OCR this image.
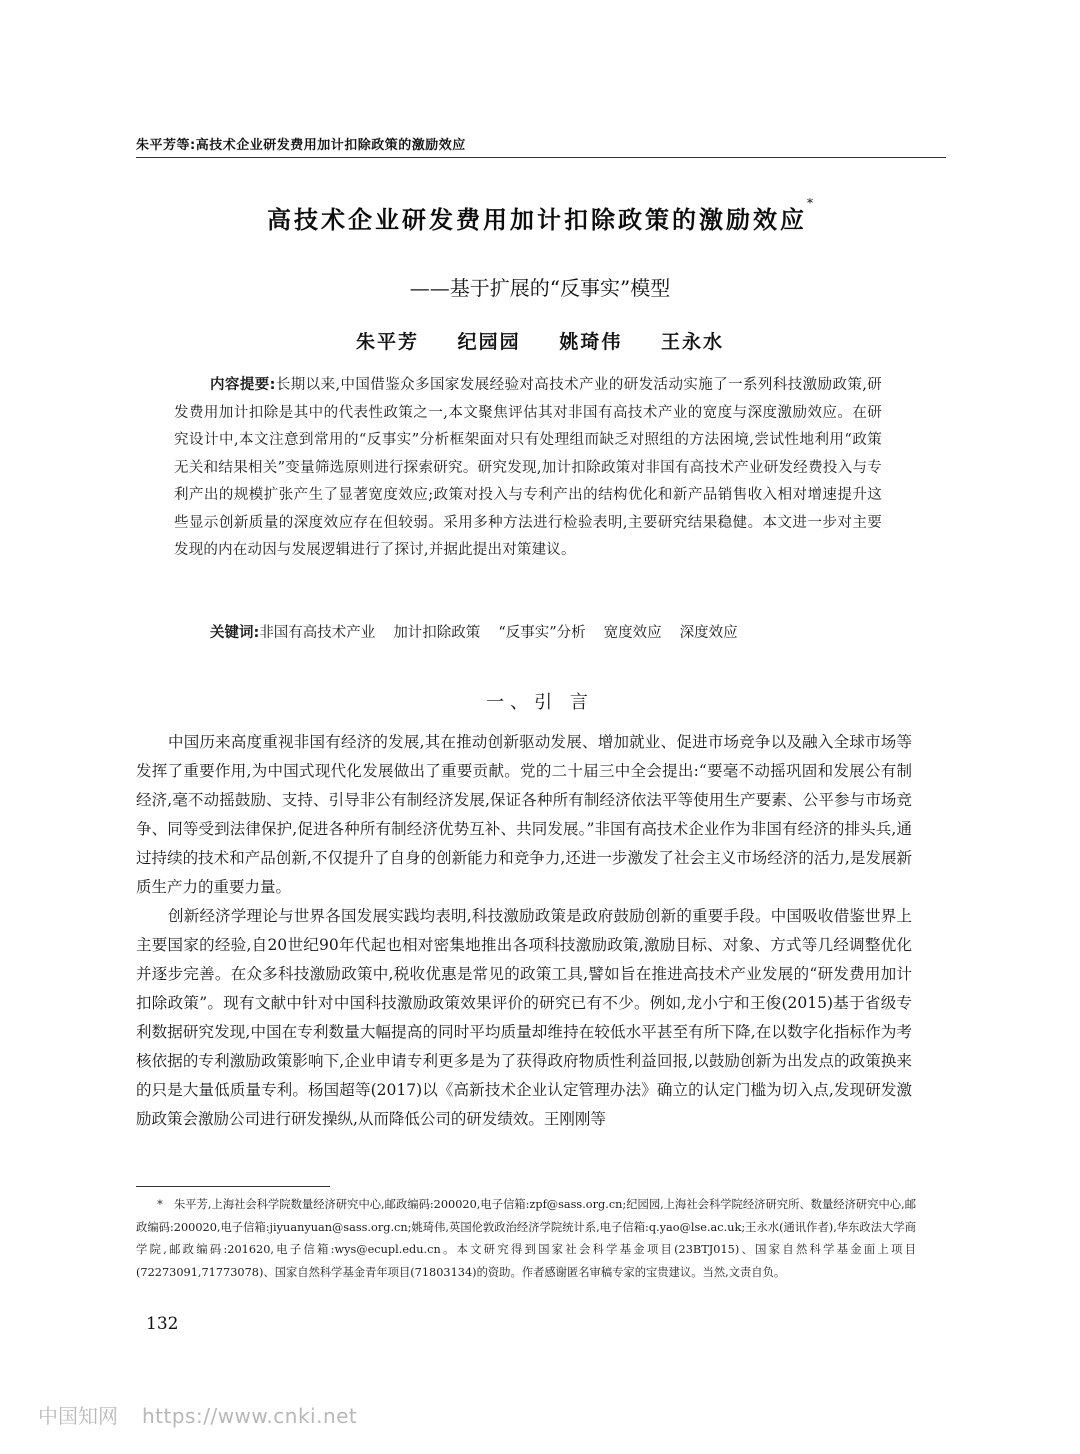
朱平芳等:高技术企业研发费用加计扣除政策的激励效应
高技术企业研发费用加计扣除政策的激励效应*
——基于扩展的“反事实”模型
朱平芳 纪园园 姚琦伟 王永水
内容提要:长期以来,中国借鉴众多国家发展经验对高技术产业的研发活动实施了一系列科技激励政策,研发费用加计扣除是其中的代表性政策之一,本文聚焦评估其对非国有高技术产业的宽度与深度激励效应。在研究设计中,本文注意到常用的“反事实”分析框架面对只有处理组而缺乏对照组的方法困境,尝试性地利用“政策无关和结果相关”变量筛选原则进行探索研究。研究发现,加计扣除政策对非国有高技术产业研发经费投入与专利产出的规模扩张产生了显著宽度效应;政策对投入与专利产出的结构优化和新产品销售收入相对增速提升这些显示创新质量的深度效应存在但较弱。采用多种方法进行检验表明,主要研究结果稳健。本文进一步对主要发现的内在动因与发展逻辑进行了探讨,并据此提出对策建议。
关键词:非国有高技术产业 加计扣除政策 “反事实”分析 宽度效应 深度效应
一、引 言

中国历来高度重视非国有经济的发展,其在推动创新驱动发展、增加就业、促进市场竞争以及融入全球市场等发挥了重要作用,为中国式现代化发展做出了重要贡献。党的二十届三中全会提出:“要毫不动摇巩固和发展公有制经济,毫不动摇鼓励、支持、引导非公有制经济发展,保证各种所有制经济依法平等使用生产要素、公平参与市场竞争、同等受到法律保护,促进各种所有制经济优势互补、共同发展。”非国有高技术企业作为非国有经济的排头兵,通过持续的技术和产品创新,不仅提升了自身的创新能力和竞争力,还进一步激发了社会主义市场经济的活力,是发展新质生产力的重要力量。

创新经济学理论与世界各国发展实践均表明,科技激励政策是政府鼓励创新的重要手段。中国吸收借鉴世界上主要国家的经验,自20世纪90年代起也相对密集地推出各项科技激励政策,激励目标、对象、方式等几经调整优化并逐步完善。在众多科技激励政策中,税收优惠是常见的政策工具,譬如旨在推进高技术产业发展的“研发费用加计扣除政策”。现有文献中针对中国科技激励政策效果评价的研究已有不少。例如,龙小宁和王俊(2015)基于省级专利数据研究发现,中国在专利数量大幅提高的同时平均质量却维持在较低水平甚至有所下降,在以数字化指标作为考核依据的专利激励政策影响下,企业申请专利更多是为了获得政府物质性利益回报,以鼓励创新为出发点的政策换来的只是大量低质量专利。杨国超等(2017)以《高新技术企业认定管理办法》确立的认定门槛为切入点,发现研发激励政策会激励公司进行研发操纵,从而降低公司的研发绩效。王刚刚等

* 朱平芳,上海社会科学院数量经济研究中心,邮政编码:200020,电子信箱:zpf@sass.org.cn;纪园园,上海社会科学院经济研究所、数量经济研究中心,邮政编码:200020,电子信箱:jiyuanyuan@sass.org.cn;姚琦伟,英国伦敦政治经济学院统计系,电子信箱:q.yao@lse.ac.uk;王永水(通讯作者),华东政法大学商学院,邮政编码:201620,电子信箱:wys@ecupl.edu.cn。本文研究得到国家社会科学基金项目(23BTJ015)、国家自然科学基金面上项目(72273091,71773078)、国家自然科学基金青年项目(71803134)的资助。作者感谢匿名审稿专家的宝贵建议。当然,文责自负。
132
中国知网 https://www.cnki.net
